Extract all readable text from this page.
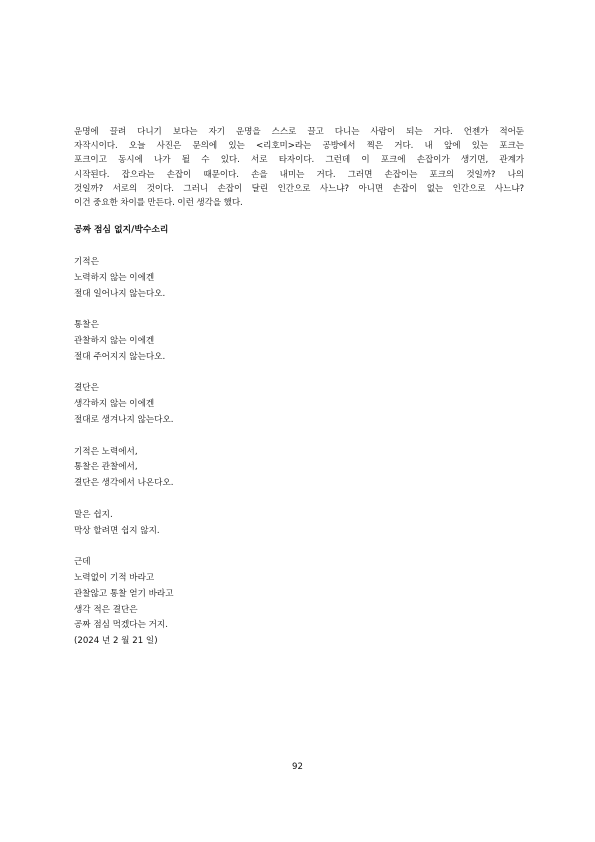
운명에 끌려 다니기 보다는 자기 운명을 스스로 끌고 다니는 사람이 되는 거다. 언젠가 적어둔
자작시이다. 오늘 사진은 문의에 있는 <리호미>라는 공방에서 찍은 거다. 내 앞에 있는 포크는
포크이고 동시에 나가 될 수 있다. 서로 타자이다. 그런데 이 포크에 손잡이가 생기면, 관계가
시작된다. 잡으라는 손잡이 때문이다. 손을 내미는 거다. 그러면 손잡이는 포크의 것일까? 나의
것일까? 서로의 것이다. 그러니 손잡이 달린 인간으로 사느냐? 아니면 손잡이 없는 인간으로 사느냐?
이건 중요한 차이를 만든다. 이런 생각을 했다.
공짜 점심 없지/박수소리
기적은
노력하지 않는 이에겐
절대 일어나지 않는다오.
통찰은
관찰하지 않는 이에겐
절대 주어지지 않는다오.
결단은
생각하지 않는 이에겐
절대로 생겨나지 않는다오.
기적은 노력에서,
통찰은 관찰에서,
결단은 생각에서 나온다오.
말은 쉽지.
막상 할려면 쉽지 않지.
근데
노력없이 기적 바라고
관찰않고 통찰 얻기 바라고
생각 적은 결단은
공짜 점심 먹겠다는 거지.
(2024 년 2 월 21 일)
92
